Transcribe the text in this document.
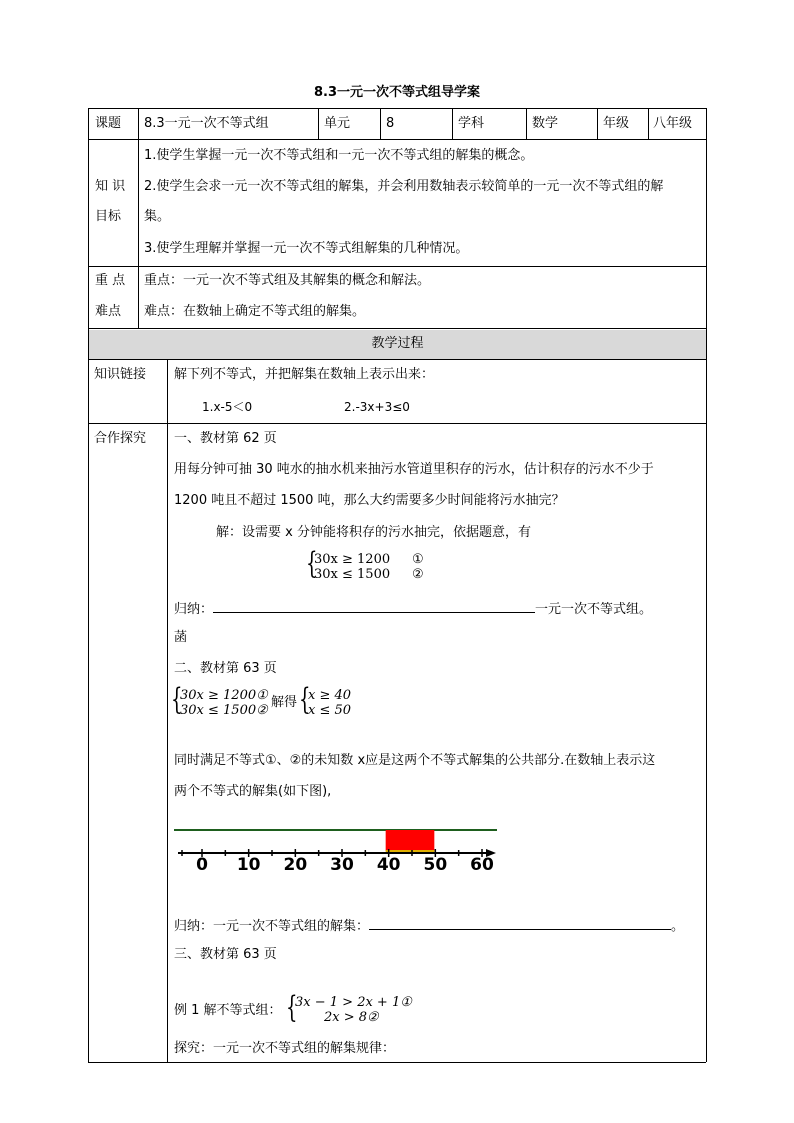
8.3一元一次不等式组导学案
课题 8.3一元一次不等式组	单元	8	学科	数学	年级 八年级
知 识
目标
1.使学生掌握一元一次不等式组和一元一次不等式组的解集的概念。
2.使学生会求一元一次不等式组的解集，并会利用数轴表示较简单的一元一次不等式组的解
集。
3.使学生理解并掌握一元一次不等式组解集的几种情况。
重 点
难点
重点：一元一次不等式组及其解集的概念和解法。
难点：在数轴上确定不等式组的解集。
教学过程
知识链接 解下列不等式，并把解集在数轴上表示出来：
1.x-5＜0	2.-3x+3≤0
合作探究 一、教材第 62 页
用每分钟可抽 30 吨水的抽水机来抽污水管道里积存的污水，估计积存的污水不少于
1200 吨且不超过 1500 吨，那么大约需要多少时间能将污水抽完？
解：设需要 x 分钟能将积存的污水抽完，依据题意，有
{
30x ≥ 1200
30x ≤ 1500
①
②
归纳：	一元一次不等式组。
菡
二、教材第 63 页
{
30x ≥ 1200①
30x ≤ 1500②
解得 {
x ≥ 40
x ≤ 50
同时满足不等式①、②的未知数 x应是这两个不等式解集的公共部分.在数轴上表示这
两个不等式的解集(如下图),
0 10 20 30 40 50 60
归纳：一元一次不等式组的解集：	。
三、教材第 63 页
例 1 解不等式组： {
3x − 1 > 2x + 1①
2x > 8②
探究：一元一次不等式组的解集规律：
